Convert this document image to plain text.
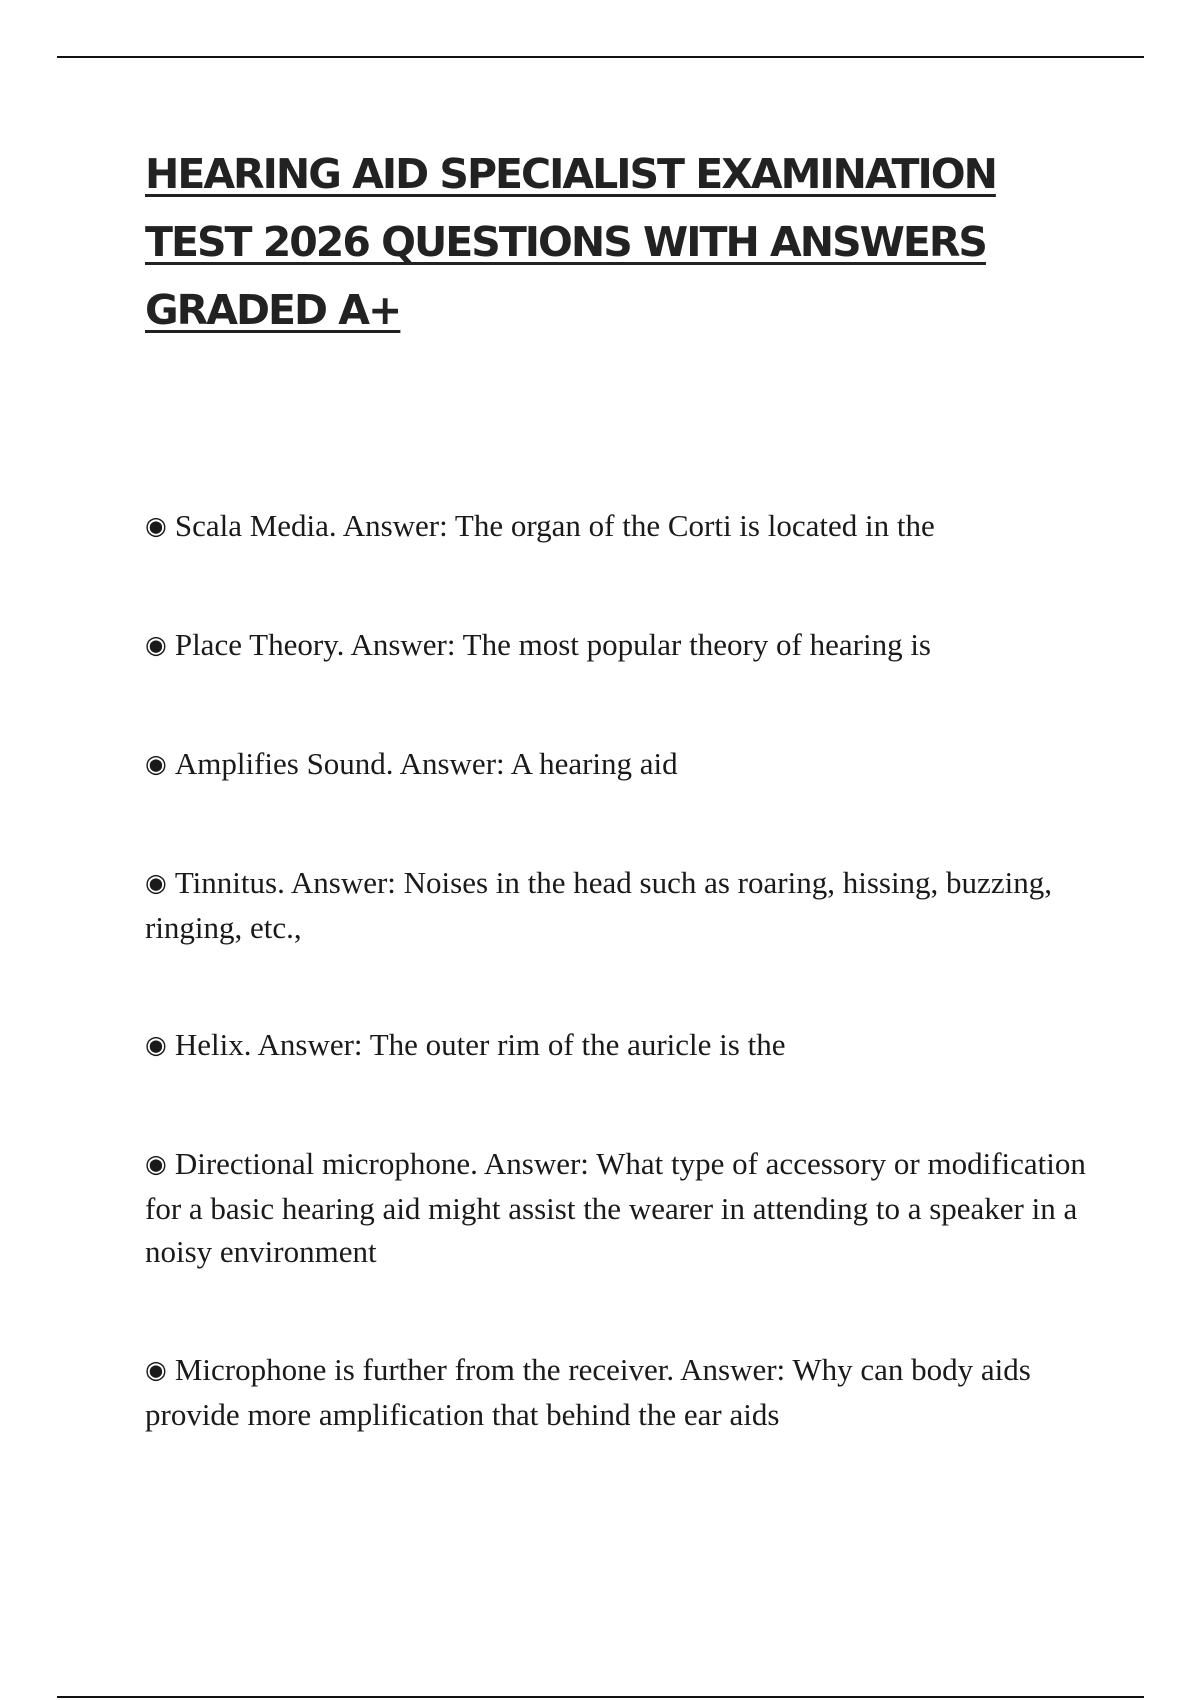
HEARING AID SPECIALIST EXAMINATION TEST 2026 QUESTIONS WITH ANSWERS GRADED A+

◉ Scala Media. Answer: The organ of the Corti is located in the

◉ Place Theory. Answer: The most popular theory of hearing is

◉ Amplifies Sound. Answer: A hearing aid

◉ Tinnitus. Answer: Noises in the head such as roaring, hissing, buzzing, ringing, etc.,

◉ Helix. Answer: The outer rim of the auricle is the

◉ Directional microphone. Answer: What type of accessory or modification for a basic hearing aid might assist the wearer in attending to a speaker in a noisy environment

◉ Microphone is further from the receiver. Answer: Why can body aids provide more amplification that behind the ear aids
